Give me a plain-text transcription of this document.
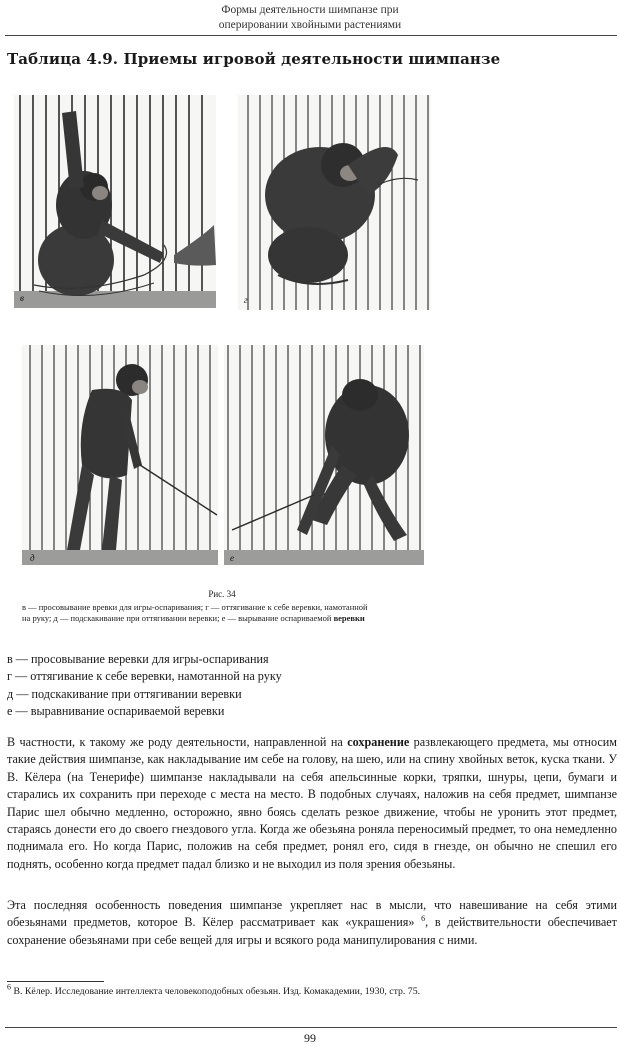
Формы деятельности шимпанзе при
оперировании хвойными растениями
Таблица 4.9. Приемы игровой деятельности шимпанзе
в	г
д	е
Рис. 34
в — просовывание вревки для игры-оспаривания; г — оттягивание к себе веревки, намотанной
на руку; д — подскакивание при оттягивании веревки; е — вырывание оспариваемой веревки
в — просовывание веревки для игры-оспаривания
г — оттягивание к себе веревки, намотанной на руку
д — подскакивание при оттягивании веревки
е — выравнивание оспариваемой веревки

В частности, к такому же роду деятельности, направленной на сохранение развлекающего предмета, мы относим такие действия шимпанзе, как накладывание им себе на голову, на шею, или на спину хвойных веток, куска ткани. У В. Кёлера (на Тенерифе) шимпанзе накладывали на себя апельсинные корки, тряпки, шнуры, цепи, бумаги и старались их сохранить при переходе с места на место. В подобных случаях, наложив на себя предмет, шимпанзе Парис шел обычно медленно, осторожно, явно боясь сделать резкое движение, чтобы не уронить этот предмет, стараясь донести его до своего гнездового угла. Когда же обезьяна роняла переносимый предмет, то она немедленно поднимала его. Но когда Парис, положив на себя предмет, ронял его, сидя в гнезде, он обычно не спешил его поднять, особенно когда предмет падал близко и не выходил из поля зрения обезьяны.

Эта последняя особенность поведения шимпанзе укрепляет нас в мысли, что навешивание на себя этими обезьянами предметов, которое В. Кёлер рассматривает как «украшения» $^6$, в действительности обеспечивает сохранение обезьянами при себе вещей для игры и всякого рода манипулирования с ними.

$^6$ В. Кёлер. Исследование интеллекта человекоподобных обезьян. Изд. Комакадемии, 1930, стр. 75.
99
